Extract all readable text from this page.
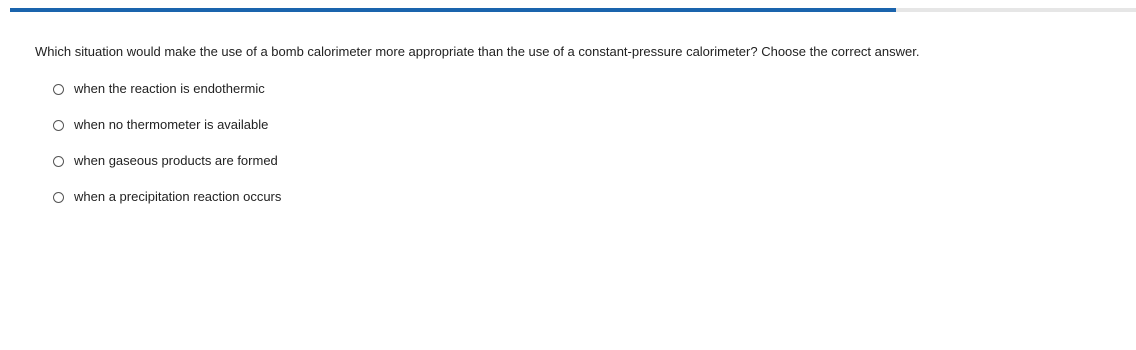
Which situation would make the use of a bomb calorimeter more appropriate than the use of a constant-pressure calorimeter? Choose the correct answer.
when the reaction is endothermic
when no thermometer is available
when gaseous products are formed
when a precipitation reaction occurs
